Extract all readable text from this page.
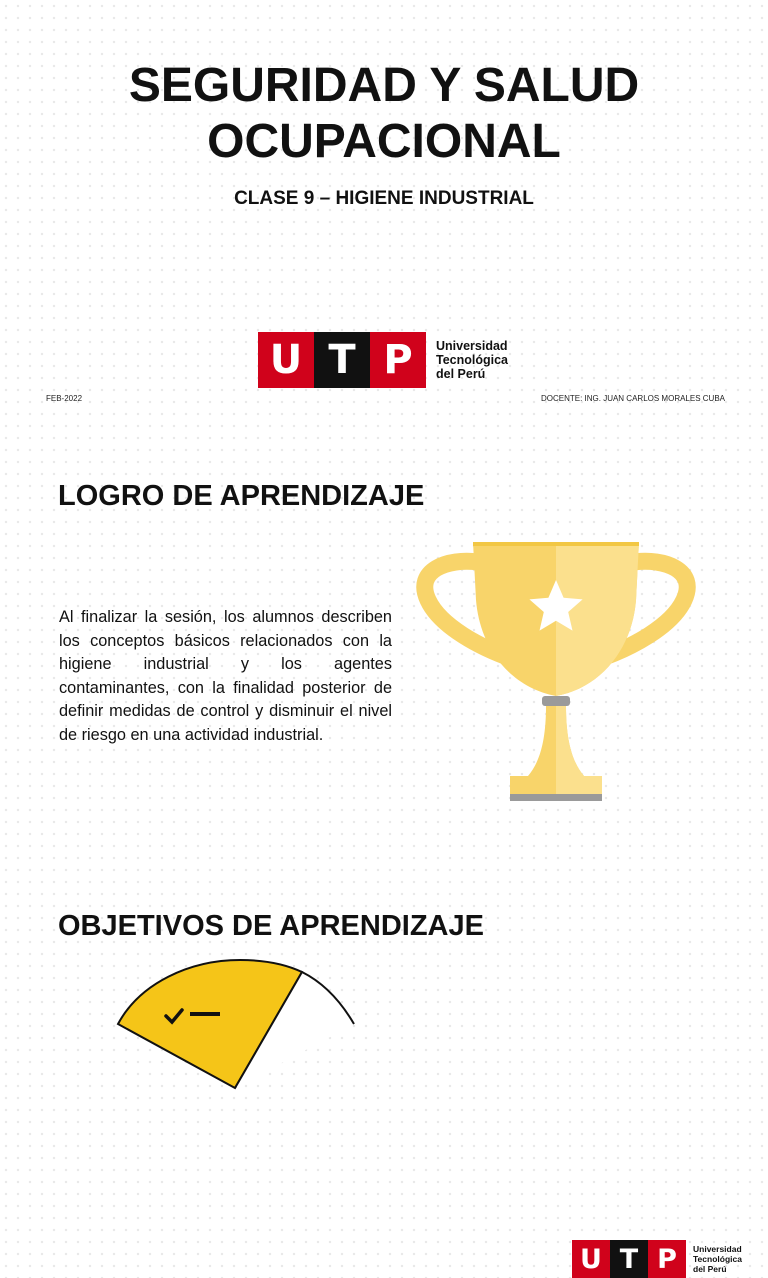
SEGURIDAD Y SALUD
OCUPACIONAL
CLASE 9 – HIGIENE INDUSTRIAL
U T P	Universidad
Tecnológica
del Perú

FEB-2022	DOCENTE: ING. JUAN CARLOS MORALES CUBA

LOGRO DE APRENDIZAJE

Al finalizar la sesión, los alumnos describen los conceptos básicos relacionados con la higiene industrial y los agentes contaminantes, con la finalidad posterior de definir medidas de control y disminuir el nivel de riesgo en una actividad industrial.

U T P	Universidad
Tecnológica
del Perú
OBJETIVOS DE APRENDIZAJE
